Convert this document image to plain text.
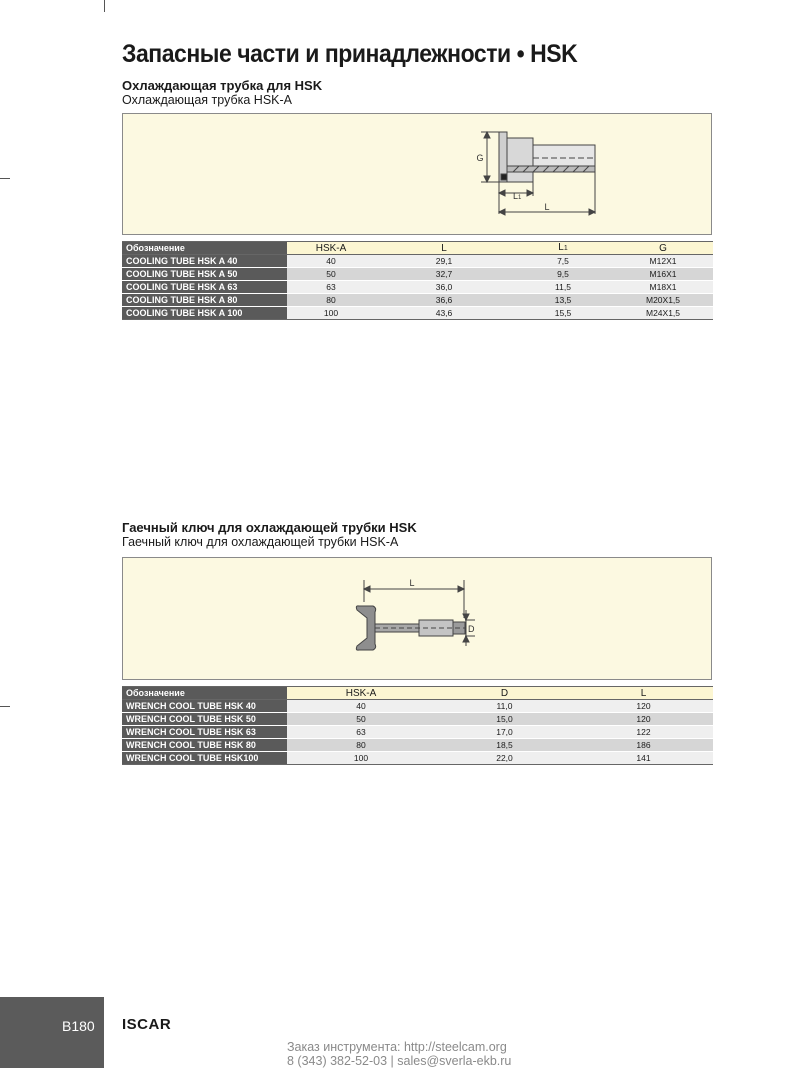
Запасные части и принадлежности • HSK
Охлаждающая трубка для HSK
Охлаждающая трубка HSK-A
G
L1
L
Обозначение	HSK-A	L	L1	G
COOLING TUBE HSK A 40	40	29,1	7,5	M12X1
COOLING TUBE HSK A 50	50	32,7	9,5	M16X1
COOLING TUBE HSK A 63	63	36,0	11,5	M18X1
COOLING TUBE HSK A 80	80	36,6	13,5	M20X1,5
COOLING TUBE HSK A 100	100	43,6	15,5	M24X1,5
Гаечный ключ для охлаждающей трубки HSK
Гаечный ключ для охлаждающей трубки HSK-A
L
D
Обозначение	HSK-A	D	L
WRENCH COOL TUBE HSK 40	40	11,0	120
WRENCH COOL TUBE HSK 50	50	15,0	120
WRENCH COOL TUBE HSK 63	63	17,0	122
WRENCH COOL TUBE HSK 80	80	18,5	186
WRENCH COOL TUBE HSK100	100	22,0	141
B180 ISCAR
Заказ инструмента: http://steelcam.org
8 (343) 382-52-03 | sales@sverla-ekb.ru
